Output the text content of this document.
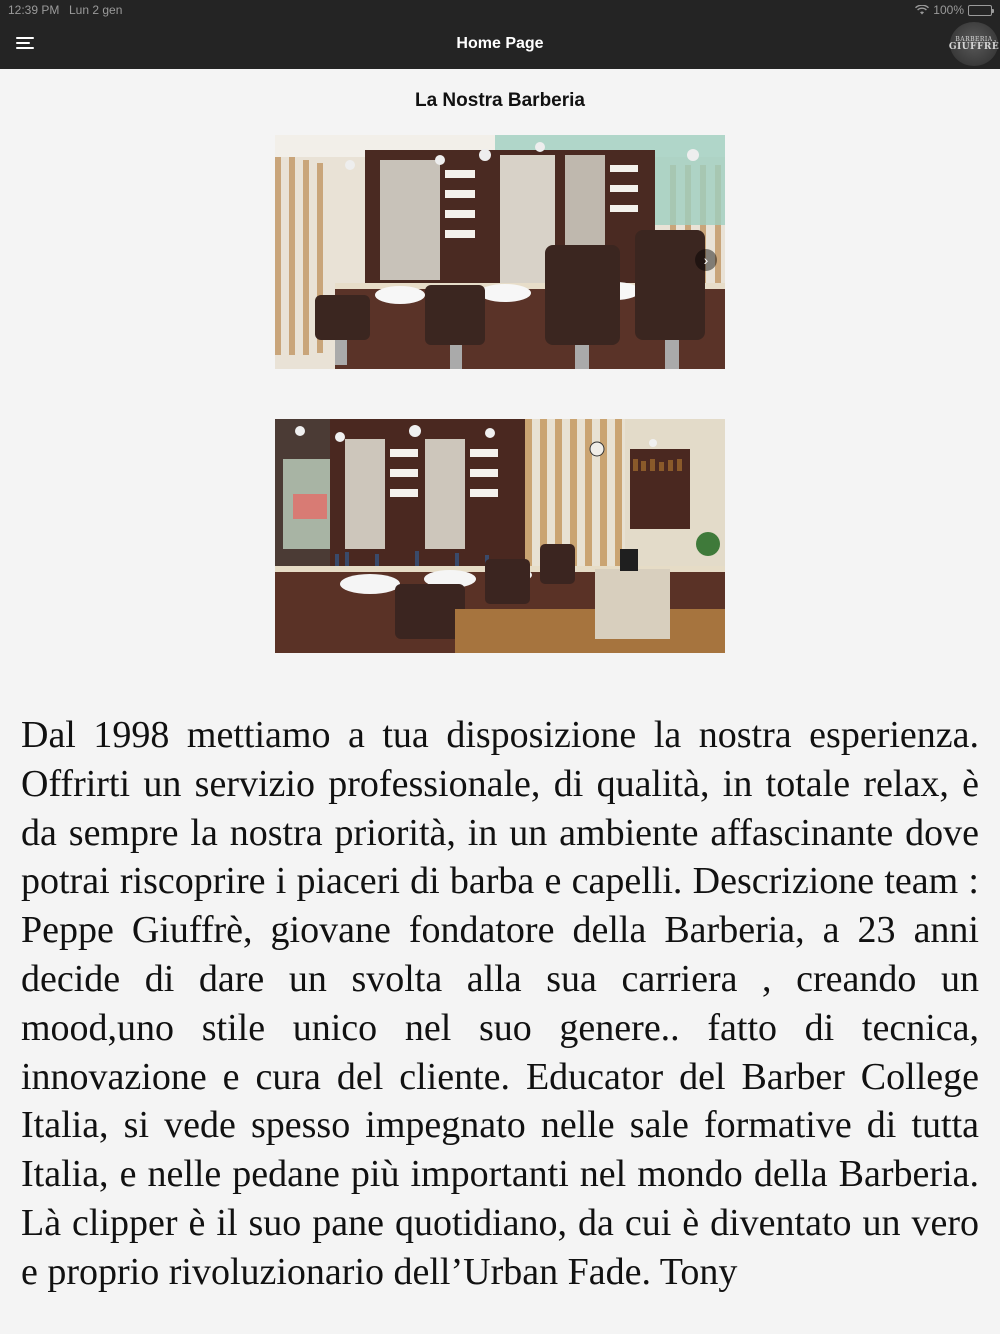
12:39 PM Lun 2 gen	100%
Home Page	BARBERIA
GIUFFRÈ
La Nostra Barberia
›
Dal 1998 mettiamo a tua disposizione la nostra esperienza. Offrirti un servizio professionale, di qualità, in totale relax, è da sempre la nostra priorità, in un ambiente affascinante dove potrai riscoprire i piaceri di barba e capelli. Descrizione team : Peppe Giuffrè, giovane fondatore della Barberia, a 23 anni decide di dare un svolta alla sua carriera , creando un mood,uno stile unico nel suo genere.. fatto di tecnica, innovazione e cura del cliente. Educator del Barber College Italia, si vede spesso impegnato nelle sale formative di tutta Italia, e nelle pedane più importanti nel mondo della Barberia. Là clipper è il suo pane quotidiano, da cui è diventato un vero e proprio rivoluzionario dell’Urban Fade. Tony
